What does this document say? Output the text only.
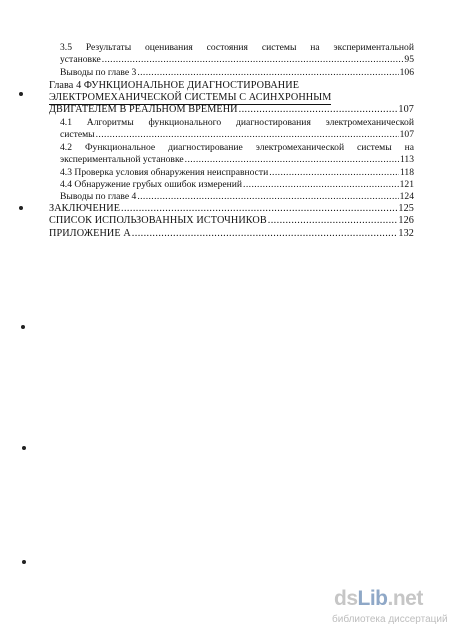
3.5 Результаты оценивания состояния системы на экспериментальной
установке .....	95
Выводы по главе 3 .....	106
Глава 4 ФУНКЦИОНАЛЬНОЕ ДИАГНОСТИРОВАНИЕ
ЭЛЕКТРОМЕХАНИЧЕСКОЙ СИСТЕМЫ С АСИНХРОННЫМ
ДВИГАТЕЛЕМ В РЕАЛЬНОМ ВРЕМЕНИ .....	107
4.1 Алгоритмы функционального диагностирования электромеханической
системы .....	107
4.2 Функциональное диагностирование электромеханической системы на
экспериментальной установке .....	113
4.3 Проверка условия обнаружения неисправности .....	118
4.4 Обнаружение грубых ошибок измерений .....	121
Выводы по главе 4 .....	124
ЗАКЛЮЧЕНИЕ .....	125
СПИСОК ИСПОЛЬЗОВАННЫХ ИСТОЧНИКОВ .....	126
ПРИЛОЖЕНИЕ А .....	132
dsLib.net
библиотека диссертаций
